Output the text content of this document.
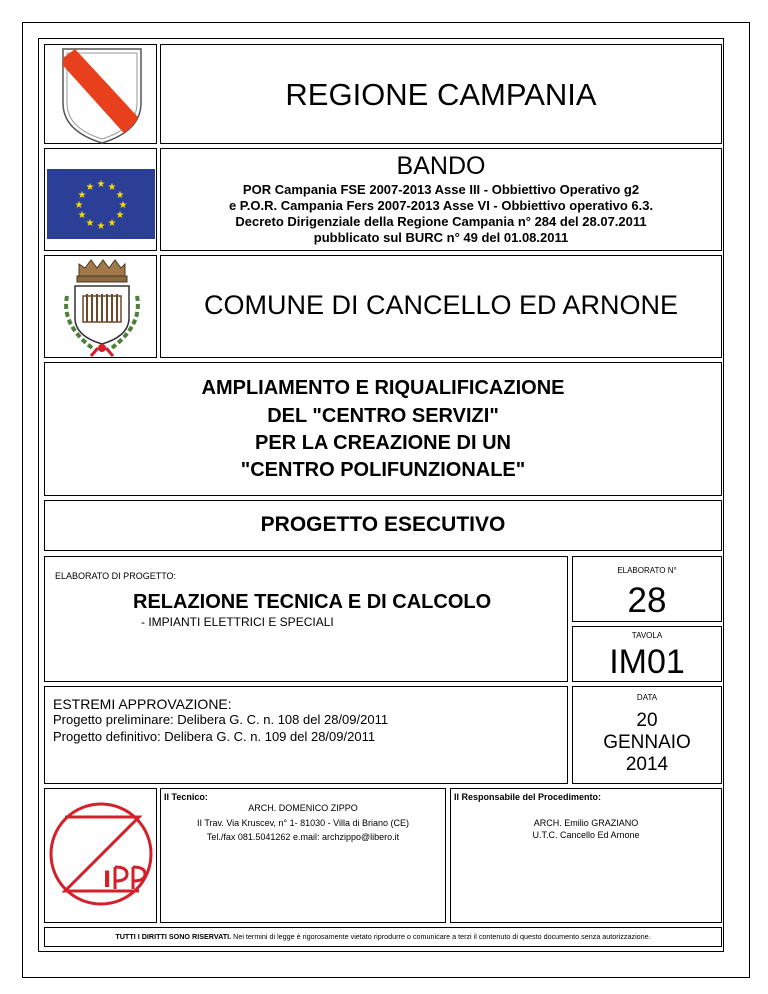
REGIONE CAMPANIA
★ ★
★
★
★
★
★
★
★
★
★
★
BANDO
POR Campania FSE 2007-2013 Asse III - Obbiettivo Operativo g2
e P.O.R. Campania Fers 2007-2013 Asse VI - Obbiettivo operativo 6.3.
Decreto Dirigenziale della Regione Campania n° 284 del 28.07.2011
pubblicato sul BURC n° 49 del 01.08.2011
COMUNE DI CANCELLO ED ARNONE
AMPLIAMENTO E RIQUALIFICAZIONE
DEL "CENTRO SERVIZI"
PER LA CREAZIONE DI UN
"CENTRO POLIFUNZIONALE"
PROGETTO ESECUTIVO
ELABORATO DI PROGETTO:
RELAZIONE TECNICA E DI CALCOLO
- IMPIANTI ELETTRICI E SPECIALI
ELABORATO N°
28
TAVOLA
IM01
ESTREMI APPROVAZIONE:
Progetto preliminare: Delibera G. C. n. 108 del 28/09/2011
Progetto definitivo: Delibera G. C. n. 109 del 28/09/2011
DATA
20
GENNAIO
2014
I
Il Tecnico:
ARCH. DOMENICO ZIPPO
II Trav. Via Kruscev, n° 1- 81030 - Villa di Briano (CE)
Tel./fax 081.5041262 e.mail: archzippo@libero.it
Il Responsabile del Procedimento:
ARCH. Emilio GRAZIANO
U.T.C. Cancello Ed Arnone
TUTTI I DIRITTI SONO RISERVATI. Nei termini di legge è rigorosamente vietato riprodurre o comunicare a terzi il contenuto di questo documento senza autorizzazione.
